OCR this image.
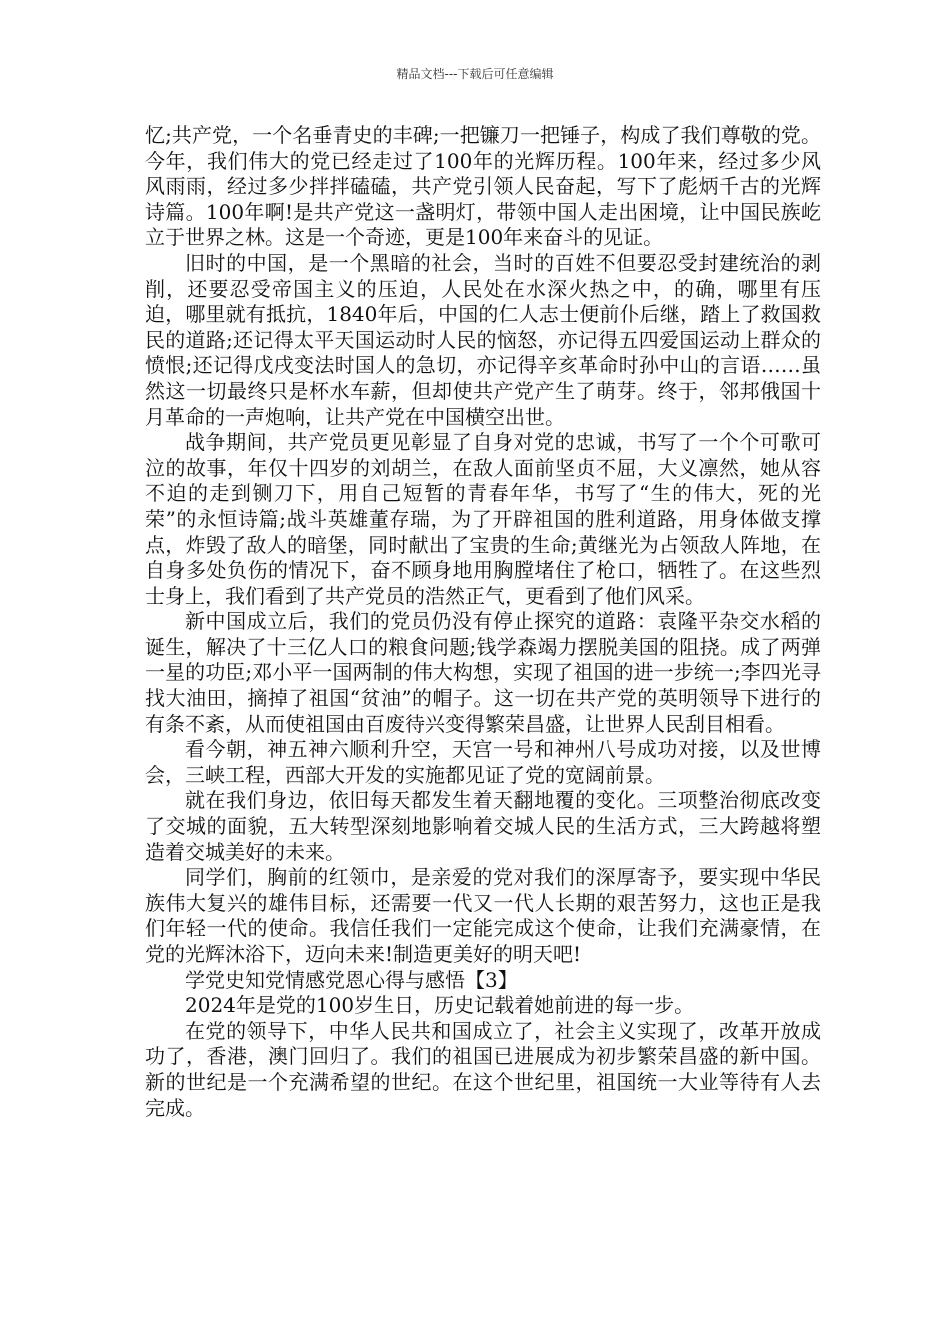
精品文档---下载后可任意编辑

忆;共产党，一个名垂青史的丰碑;一把镰刀一把锤子，构成了我们尊敬的党。今年，我们伟大的党已经走过了100年的光辉历程。100年来，经过多少风风雨雨，经过多少拌拌磕磕，共产党引领人民奋起，写下了彪炳千古的光辉诗篇。100年啊!是共产党这一盏明灯，带领中国人走出困境，让中国民族屹立于世界之林。这是一个奇迹，更是100年来奋斗的见证。

旧时的中国，是一个黑暗的社会，当时的百姓不但要忍受封建统治的剥削，还要忍受帝国主义的压迫，人民处在水深火热之中，的确，哪里有压迫，哪里就有抵抗，1840年后，中国的仁人志士便前仆后继，踏上了救国救民的道路;还记得太平天国运动时人民的恼怒，亦记得五四爱国运动上群众的愤恨;还记得戊戌变法时国人的急切，亦记得辛亥革命时孙中山的言语……虽然这一切最终只是杯水车薪，但却使共产党产生了萌芽。终于，邻邦俄国十月革命的一声炮响，让共产党在中国横空出世。

战争期间，共产党员更见彰显了自身对党的忠诚，书写了一个个可歌可泣的故事，年仅十四岁的刘胡兰，在敌人面前坚贞不屈，大义凛然，她从容不迫的走到铡刀下，用自己短暂的青春年华，书写了“生的伟大，死的光荣”的永恒诗篇;战斗英雄董存瑞，为了开辟祖国的胜利道路，用身体做支撑点，炸毁了敌人的暗堡，同时献出了宝贵的生命;黄继光为占领敌人阵地，在自身多处负伤的情况下，奋不顾身地用胸膛堵住了枪口，牺牲了。在这些烈士身上，我们看到了共产党员的浩然正气，更看到了他们风采。

新中国成立后，我们的党员仍没有停止探究的道路：袁隆平杂交水稻的诞生，解决了十三亿人口的粮食问题;钱学森竭力摆脱美国的阻挠。成了两弹一星的功臣;邓小平一国两制的伟大构想，实现了祖国的进一步统一;李四光寻找大油田，摘掉了祖国“贫油”的帽子。这一切在共产党的英明领导下进行的有条不紊，从而使祖国由百废待兴变得繁荣昌盛，让世界人民刮目相看。

看今朝，神五神六顺利升空，天宫一号和神州八号成功对接，以及世博会，三峡工程，西部大开发的实施都见证了党的宽阔前景。

就在我们身边，依旧每天都发生着天翻地覆的变化。三项整治彻底改变了交城的面貌，五大转型深刻地影响着交城人民的生活方式，三大跨越将塑造着交城美好的未来。

同学们，胸前的红领巾，是亲爱的党对我们的深厚寄予，要实现中华民族伟大复兴的雄伟目标，还需要一代又一代人长期的艰苦努力，这也正是我们年轻一代的使命。我信任我们一定能完成这个使命，让我们充满豪情，在党的光辉沐浴下，迈向未来!制造更美好的明天吧!

学党史知党情感党恩心得与感悟【3】

2024年是党的100岁生日，历史记载着她前进的每一步。

在党的领导下，中华人民共和国成立了，社会主义实现了，改革开放成功了，香港，澳门回归了。我们的祖国已进展成为初步繁荣昌盛的新中国。新的世纪是一个充满希望的世纪。在这个世纪里，祖国统一大业等待有人去完成。
